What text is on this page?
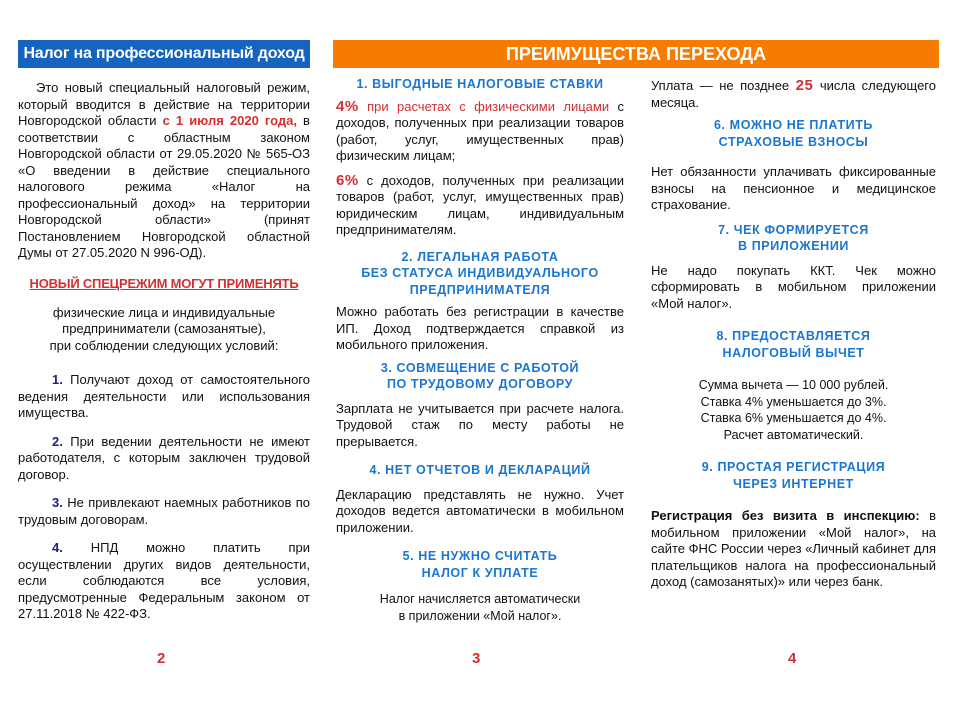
Налог на профессиональный доход

Это новый специальный налоговый режим, который вводится в действие на территории Новгородской области с 1 июля 2020 года, в соответствии с областным законом Новгородской области от 29.05.2020 № 565-ОЗ «О введении в действие специального налогового режима «Налог на профессиональный доход» на территории Новгородской области» (принят Постановлением Новгородской областной Думы от 27.05.2020 N 996-ОД).

НОВЫЙ СПЕЦРЕЖИМ МОГУТ ПРИМЕНЯТЬ
физические лица и индивидуальные
предприниматели (самозанятые),
при соблюдении следующих условий:

1. Получают доход от самостоятельного ведения деятельности или использования имущества.

2. При ведении деятельности не имеют работодателя, с которым заключен трудовой договор.

3. Не привлекают наемных работников по трудовым договорам.

4. НПД можно платить при осуществлении других видов деятельности, если соблюдаются все условия, предусмотренные Федеральным законом от 27.11.2018 № 422-ФЗ.

2
ПРЕИМУЩЕСТВА ПЕРЕХОДА
1. ВЫГОДНЫЕ НАЛОГОВЫЕ СТАВКИ

4% при расчетах с физическими лицами с доходов, полученных при реализации товаров (работ, услуг, имущественных прав) физическим лицам;

6% с доходов, полученных при реализации товаров (работ, услуг, имущественных прав) юридическим лицам, индивидуальным предпринимателям.

2. ЛЕГАЛЬНАЯ РАБОТА
БЕЗ СТАТУСА ИНДИВИДУАЛЬНОГО
ПРЕДПРИНИМАТЕЛЯ

Можно работать без регистрации в качестве ИП. Доход подтверждается справкой из мобильного приложения.

3. СОВМЕЩЕНИЕ С РАБОТОЙ
ПО ТРУДОВОМУ ДОГОВОРУ

Зарплата не учитывается при расчете налога. Трудовой стаж по месту работы не прерывается.

4. НЕТ ОТЧЕТОВ И ДЕКЛАРАЦИЙ

Декларацию представлять не нужно. Учет доходов ведется автоматически в мобильном приложении.

5. НЕ НУЖНО СЧИТАТЬ
НАЛОГ К УПЛАТЕ
Налог начисляется автоматически
в приложении «Мой налог».
3

Уплата — не позднее 25 числа следующего месяца.

6. МОЖНО НЕ ПЛАТИТЬ
СТРАХОВЫЕ ВЗНОСЫ

Нет обязанности уплачивать фиксированные взносы на пенсионное и медицинское страхование.

7. ЧЕК ФОРМИРУЕТСЯ
В ПРИЛОЖЕНИИ

Не надо покупать ККТ. Чек можно сформировать в мобильном приложении «Мой налог».

8. ПРЕДОСТАВЛЯЕТСЯ
НАЛОГОВЫЙ ВЫЧЕТ
Сумма вычета — 10 000 рублей.
Ставка 4% уменьшается до 3%.
Ставка 6% уменьшается до 4%.
Расчет автоматический.
9. ПРОСТАЯ РЕГИСТРАЦИЯ
ЧЕРЕЗ ИНТЕРНЕТ

Регистрация без визита в инспекцию: в мобильном приложении «Мой налог», на сайте ФНС России через «Личный кабинет для плательщиков налога на профессиональный доход (самозанятых)» или через банк.

4
